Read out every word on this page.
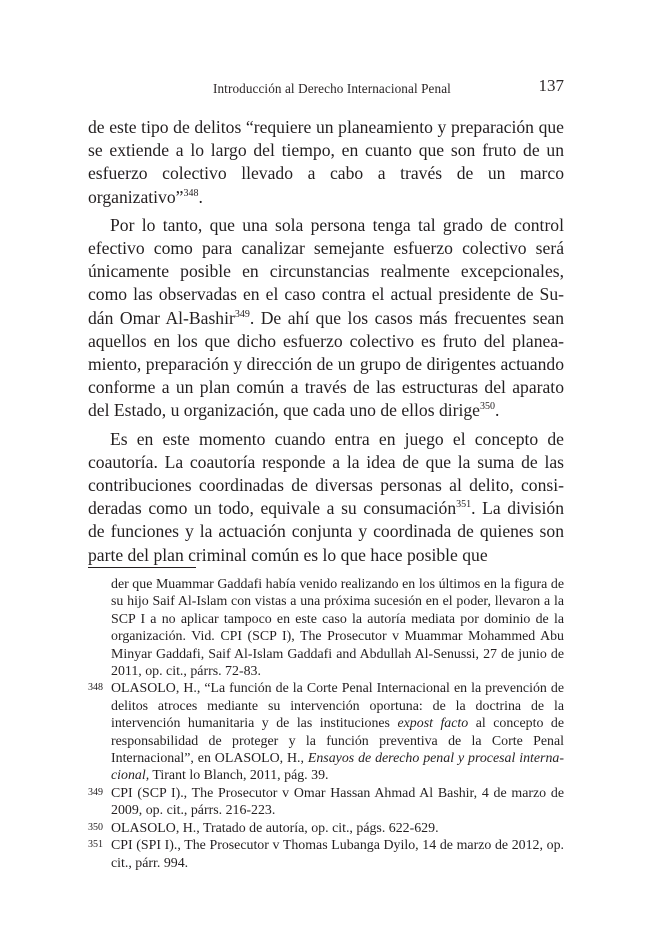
Introducción al Derecho Internacional Penal	137

de este tipo de delitos “requiere un planeamiento y preparación que se extiende a lo largo del tiempo, en cuanto que son fruto de un esfuerzo colectivo llevado a cabo a través de un marco organizativo”$^{348}$.

Por lo tanto, que una sola persona tenga tal grado de control efectivo como para canalizar semejante esfuerzo colectivo será únicamente posible en circunstancias realmente excepcionales, como las observadas en el caso contra el actual presidente de Sudán Omar Al-Bashir$^{349}$. De ahí que los casos más frecuentes sean aquellos en los que dicho esfuerzo colectivo es fruto del planeamiento, preparación y dirección de un grupo de dirigentes actuando conforme a un plan común a través de las estructuras del aparato del Estado, u organización, que cada uno de ellos dirige$^{350}$.

Es en este momento cuando entra en juego el concepto de coautoría. La coautoría responde a la idea de que la suma de las contribuciones coordinadas de diversas personas al delito, consideradas como un todo, equivale a su consumación$^{351}$. La división de funciones y la actuación conjunta y coordinada de quienes son parte del plan criminal común es lo que hace posible que

der que Muammar Gaddafi había venido realizando en los últimos en la figura de su hijo Saif Al-Islam con vistas a una próxima sucesión en el poder, llevaron a la SCP I a no aplicar tampoco en este caso la autoría mediata por dominio de la organización. Vid. CPI (SCP I), The Prosecutor v Muammar Mohammed Abu Minyar Gaddafi, Saif Al-Islam Gaddafi and Abdullah Al-Senussi, 27 de junio de 2011, op. cit., párrs. 72-83.

348 OLASOLO, H., “La función de la Corte Penal Internacional en la prevención de delitos atroces mediante su intervención oportuna: de la doctrina de la intervención humanitaria y de las instituciones expost facto al concepto de responsabilidad de proteger y la función preventiva de la Corte Penal Internacional”, en OLASOLO, H., Ensayos de derecho penal y procesal internacional, Tirant lo Blanch, 2011, pág. 39.

349 CPI (SCP I)., The Prosecutor v Omar Hassan Ahmad Al Bashir, 4 de marzo de 2009, op. cit., párrs. 216-223.

350 OLASOLO, H., Tratado de autoría, op. cit., págs. 622-629.

351 CPI (SPI I)., The Prosecutor v Thomas Lubanga Dyilo, 14 de marzo de 2012, op. cit., párr. 994.
